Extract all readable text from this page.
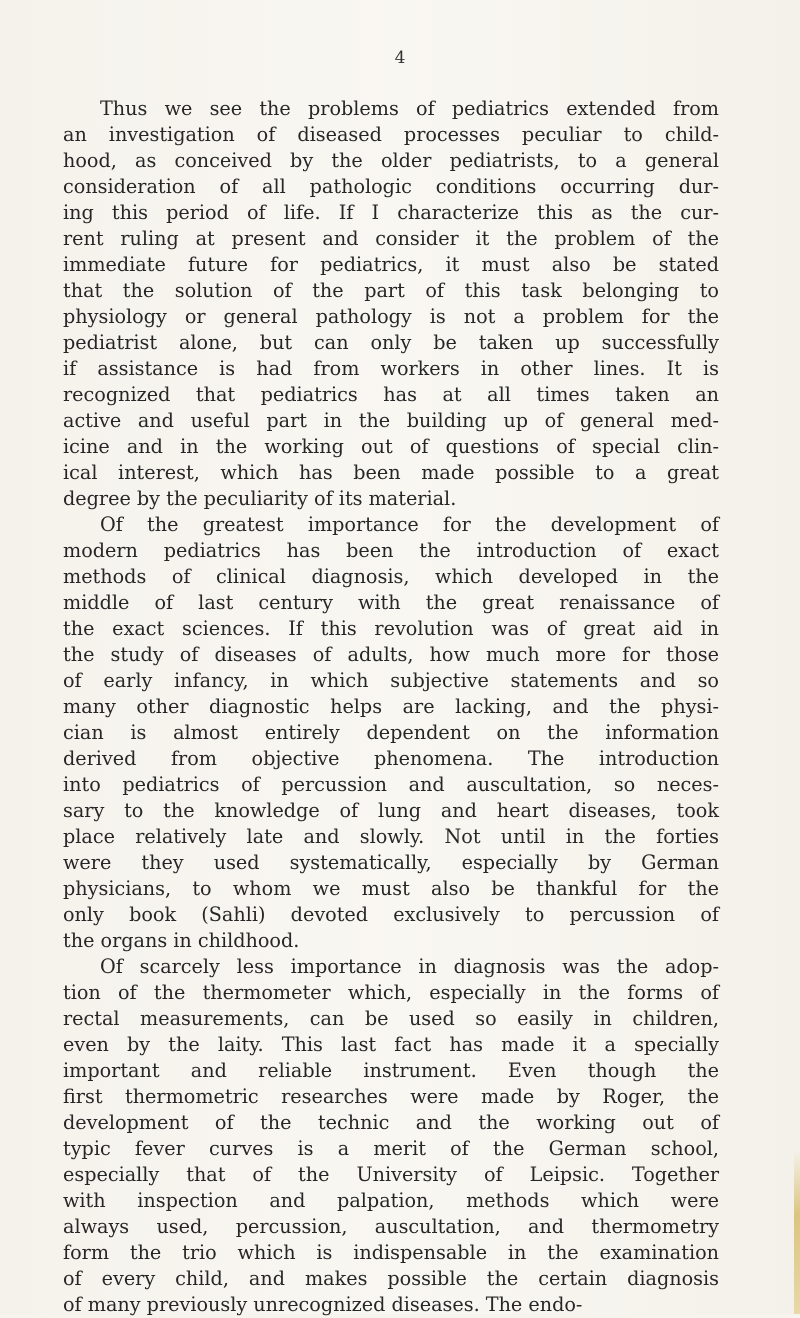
4
Thus we see the problems of pediatrics extended from
an investigation of diseased processes peculiar to child-
hood, as conceived by the older pediatrists, to a general
consideration of all pathologic conditions occurring dur-
ing this period of life. If I characterize this as the cur-
rent ruling at present and consider it the problem of the
immediate future for pediatrics, it must also be stated
that the solution of the part of this task belonging to
physiology or general pathology is not a problem for the
pediatrist alone, but can only be taken up successfully
if assistance is had from workers in other lines. It is
recognized that pediatrics has at all times taken an
active and useful part in the building up of general med-
icine and in the working out of questions of special clin-
ical interest, which has been made possible to a great
degree by the peculiarity of its material.
Of the greatest importance for the development of
modern pediatrics has been the introduction of exact
methods of clinical diagnosis, which developed in the
middle of last century with the great renaissance of
the exact sciences. If this revolution was of great aid in
the study of diseases of adults, how much more for those
of early infancy, in which subjective statements and so
many other diagnostic helps are lacking, and the physi-
cian is almost entirely dependent on the information
derived from objective phenomena. The introduction
into pediatrics of percussion and auscultation, so neces-
sary to the knowledge of lung and heart diseases, took
place relatively late and slowly. Not until in the forties
were they used systematically, especially by German
physicians, to whom we must also be thankful for the
only book (Sahli) devoted exclusively to percussion of
the organs in childhood.
Of scarcely less importance in diagnosis was the adop-
tion of the thermometer which, especially in the forms of
rectal measurements, can be used so easily in children,
even by the laity. This last fact has made it a specially
important and reliable instrument. Even though the
first thermometric researches were made by Roger, the
development of the technic and the working out of
typic fever curves is a merit of the German school,
especially that of the University of Leipsic. Together
with inspection and palpation, methods which were
always used, percussion, auscultation, and thermometry
form the trio which is indispensable in the examination
of every child, and makes possible the certain diagnosis
of many previously unrecognized diseases. The endo-
